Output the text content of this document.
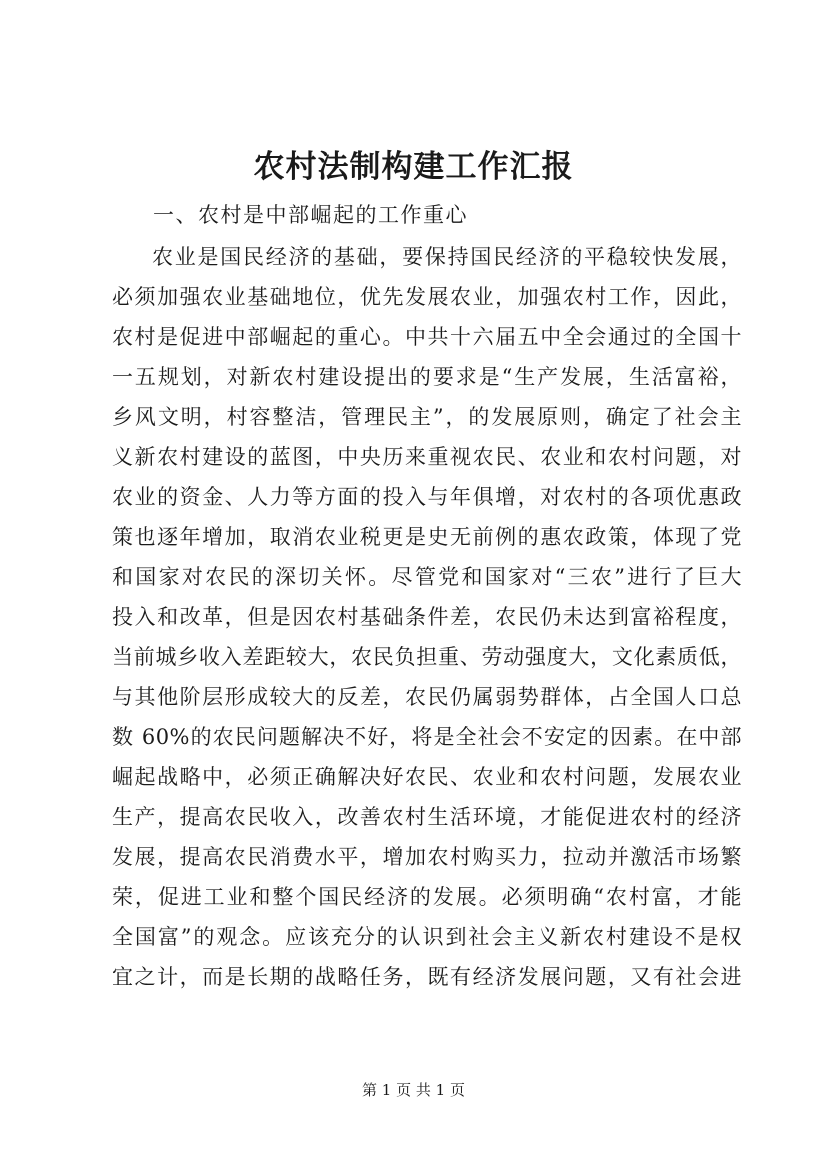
农村法制构建工作汇报
一、农村是中部崛起的工作重心
农业是国民经济的基础，要保持国民经济的平稳较快发展，
必须加强农业基础地位，优先发展农业，加强农村工作，因此，
农村是促进中部崛起的重心。中共十六届五中全会通过的全国十
一五规划，对新农村建设提出的要求是“生产发展，生活富裕，
乡风文明，村容整洁，管理民主”，的发展原则，确定了社会主
义新农村建设的蓝图，中央历来重视农民、农业和农村问题，对
农业的资金、人力等方面的投入与年俱增，对农村的各项优惠政
策也逐年增加，取消农业税更是史无前例的惠农政策，体现了党
和国家对农民的深切关怀。尽管党和国家对“三农”进行了巨大
投入和改革，但是因农村基础条件差，农民仍未达到富裕程度，
当前城乡收入差距较大，农民负担重、劳动强度大，文化素质低，
与其他阶层形成较大的反差，农民仍属弱势群体，占全国人口总
数 60%的农民问题解决不好，将是全社会不安定的因素。在中部
崛起战略中，必须正确解决好农民、农业和农村问题，发展农业
生产，提高农民收入，改善农村生活环境，才能促进农村的经济
发展，提高农民消费水平，增加农村购买力，拉动并激活市场繁
荣，促进工业和整个国民经济的发展。必须明确“农村富，才能
全国富”的观念。应该充分的认识到社会主义新农村建设不是权
宜之计，而是长期的战略任务，既有经济发展问题，又有社会进
第 1 页 共 1 页
